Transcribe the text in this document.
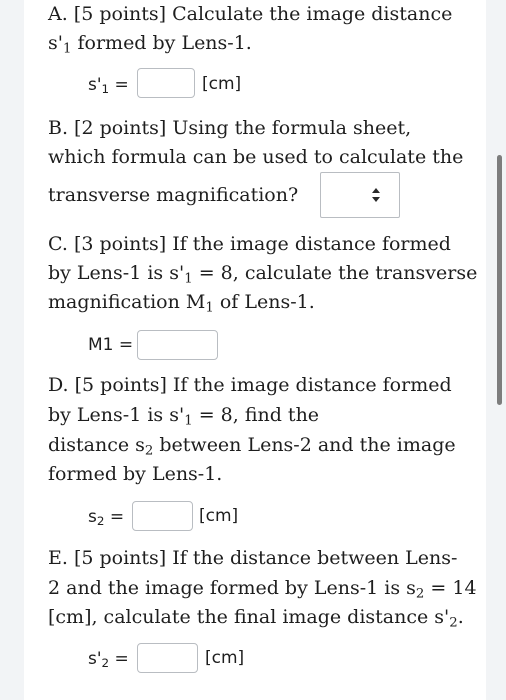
A. [5 points] Calculate the image distance
$s'_1$ formed by Lens-1.
$s'_1$ =	[cm]
B. [2 points] Using the formula sheet,
which formula can be used to calculate the
transverse magnification?
C. [3 points] If the image distance formed
by Lens-1 is $s'_1 = 8$, calculate the transverse
magnification $M_1$ of Lens-1.
M1 =
D. [5 points] If the image distance formed
by Lens-1 is $s'_1 = 8$, find the
distance $s_2$ between Lens-2 and the image
formed by Lens-1.
$s_2$ =	[cm]
E. [5 points] If the distance between Lens-
2 and the image formed by Lens-1 is $s_2 = 14$
[cm], calculate the final image distance $s'_2$.
$s'_2$ =	[cm]
